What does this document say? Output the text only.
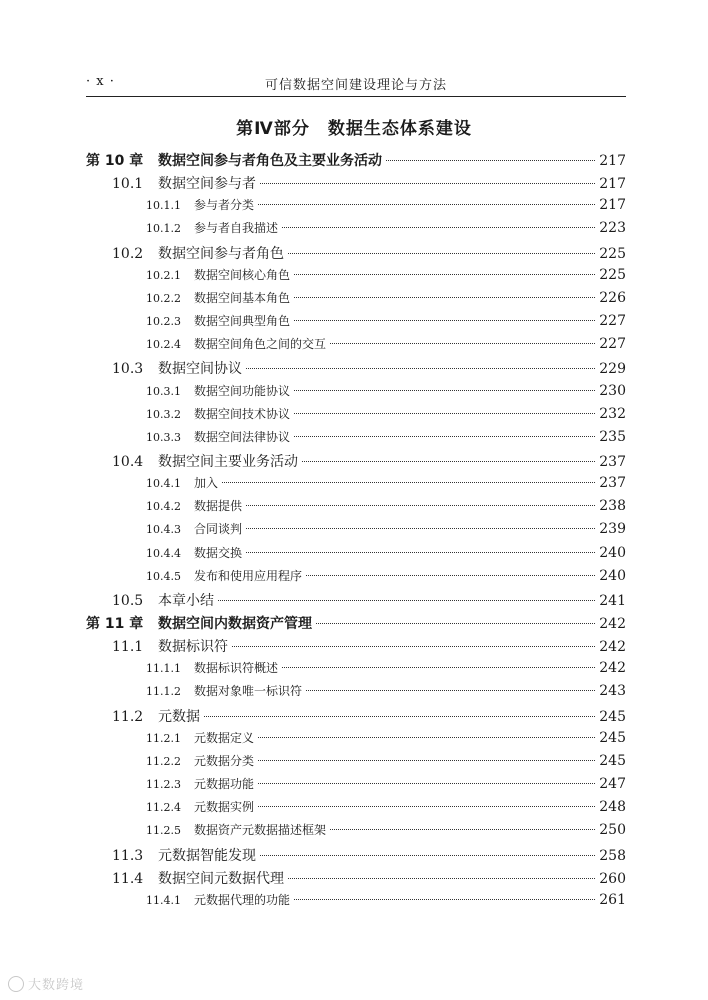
· x ·	可信数据空间建设理论与方法
第Ⅳ部分 数据生态体系建设
第 10 章	数据空间参与者角色及主要业务活动	217
10.1	数据空间参与者	217
10.1.1	参与者分类	217
10.1.2	参与者自我描述	223
10.2	数据空间参与者角色	225
10.2.1	数据空间核心角色	225
10.2.2	数据空间基本角色	226
10.2.3	数据空间典型角色	227
10.2.4	数据空间角色之间的交互	227
10.3	数据空间协议	229
10.3.1	数据空间功能协议	230
10.3.2	数据空间技术协议	232
10.3.3	数据空间法律协议	235
10.4	数据空间主要业务活动	237
10.4.1	加入	237
10.4.2	数据提供	238
10.4.3	合同谈判	239
10.4.4	数据交换	240
10.4.5	发布和使用应用程序	240
10.5	本章小结	241
第 11 章	数据空间内数据资产管理	242
11.1	数据标识符	242
11.1.1	数据标识符概述	242
11.1.2	数据对象唯一标识符	243
11.2	元数据	245
11.2.1	元数据定义	245
11.2.2	元数据分类	245
11.2.3	元数据功能	247
11.2.4	元数据实例	248
11.2.5	数据资产元数据描述框架	250
11.3	元数据智能发现	258
11.4	数据空间元数据代理	260
11.4.1	元数据代理的功能	261
大数跨境
